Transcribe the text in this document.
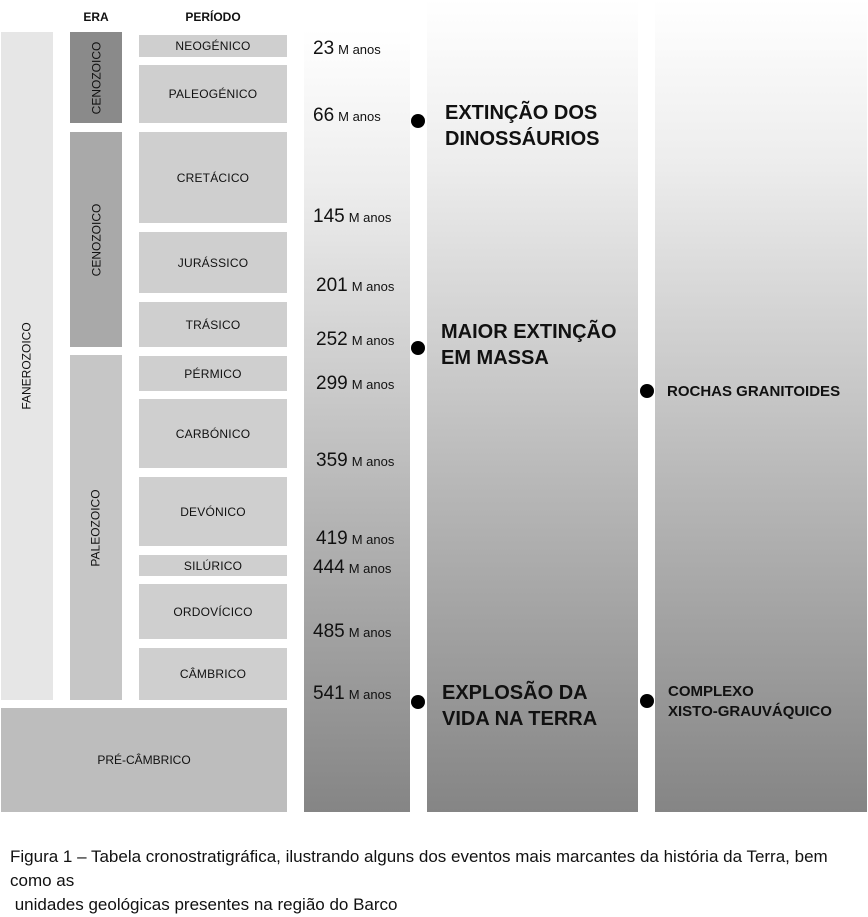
ERA	PERÍODO
FANEROZOICO
PRÉ-CÂMBRICO
CENOZOICO
CENOZOICO
PALEOZOICO
NEOGÉNICO
PALEOGÉNICO
CRETÁCICO
JURÁSSICO
TRÁSICO
PÉRMICO
CARBÓNICO
DEVÓNICO
SILÚRICO
ORDOVÍCICO
CÂMBRICO
23 M anos
66 M anos
145 M anos
201 M anos
252 M anos
299 M anos
359 M anos
419 M anos
444 M anos
485 M anos
541 M anos
EXTINÇÃO DOS
DINOSSÁURIOS
MAIOR EXTINÇÃO
EM MASSA
EXPLOSÃO DA
VIDA NA TERRA
ROCHAS GRANITOIDES
COMPLEXO
XISTO-GRAUVÁQUICO
Figura 1 – Tabela cronostratigráfica, ilustrando alguns dos eventos mais marcantes da história da Terra, bem como as
unidades geológicas presentes na região do Barco
